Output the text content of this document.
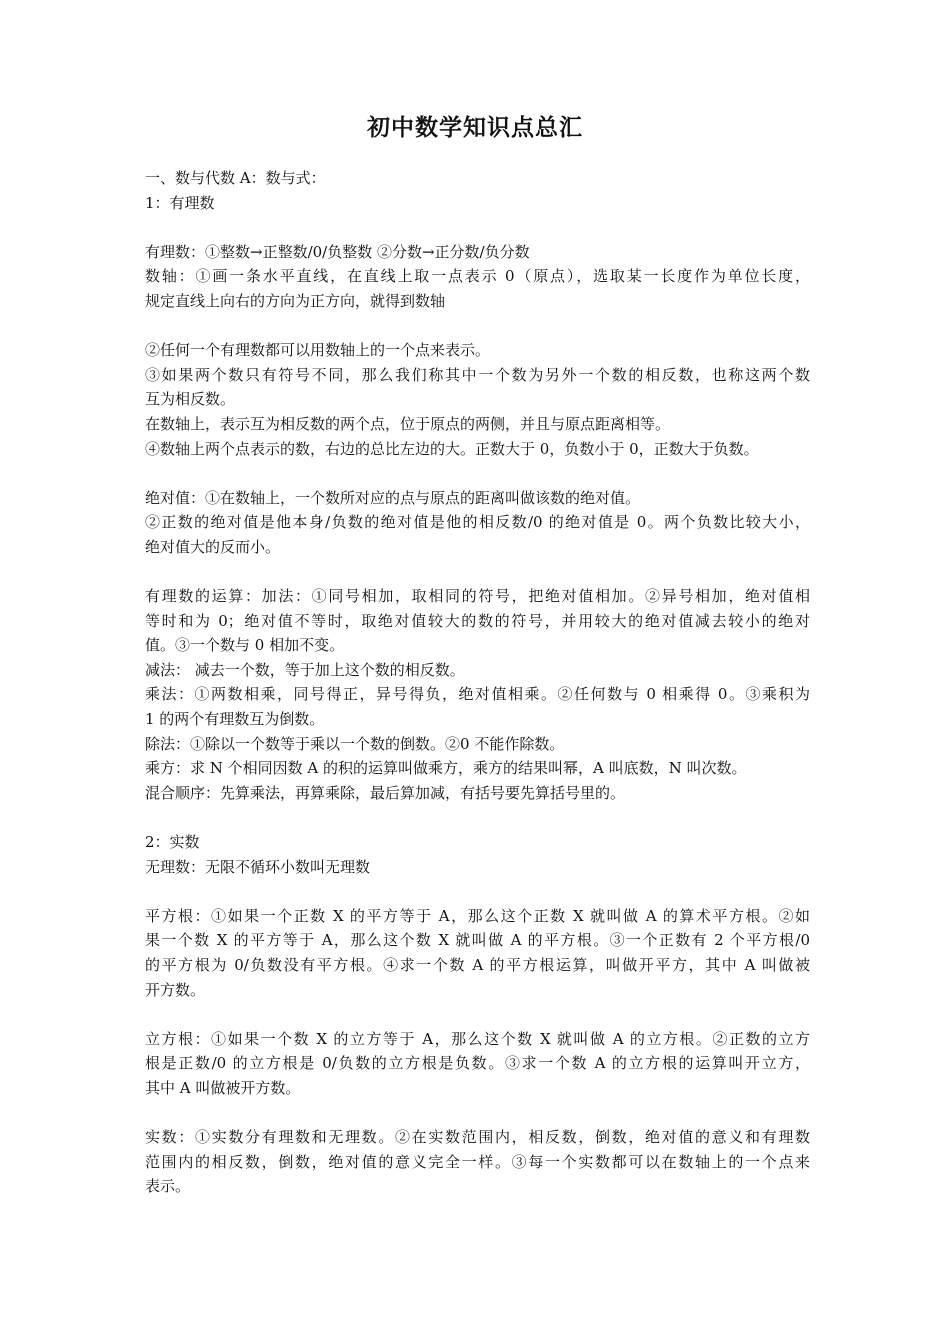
初中数学知识点总汇
一、数与代数 A：数与式：
1：有理数
有理数：①整数→正整数/0/负整数 ②分数→正分数/负分数
数轴：①画一条水平直线，在直线上取一点表示 0（原点），选取某一长度作为单位长度，
规定直线上向右的方向为正方向，就得到数轴
②任何一个有理数都可以用数轴上的一个点来表示。
③如果两个数只有符号不同，那么我们称其中一个数为另外一个数的相反数，也称这两个数
互为相反数。
在数轴上，表示互为相反数的两个点，位于原点的两侧，并且与原点距离相等。
④数轴上两个点表示的数，右边的总比左边的大。正数大于 0，负数小于 0，正数大于负数。
绝对值：①在数轴上，一个数所对应的点与原点的距离叫做该数的绝对值。
②正数的绝对值是他本身/负数的绝对值是他的相反数/0 的绝对值是 0。两个负数比较大小，
绝对值大的反而小。
有理数的运算：加法：①同号相加，取相同的符号，把绝对值相加。②异号相加，绝对值相
等时和为 0；绝对值不等时，取绝对值较大的数的符号，并用较大的绝对值减去较小的绝对
值。③一个数与 0 相加不变。
减法： 减去一个数，等于加上这个数的相反数。
乘法：①两数相乘，同号得正，异号得负，绝对值相乘。②任何数与 0 相乘得 0。③乘积为
1 的两个有理数互为倒数。
除法：①除以一个数等于乘以一个数的倒数。②0 不能作除数。
乘方：求 N 个相同因数 A 的积的运算叫做乘方，乘方的结果叫幂，A 叫底数，N 叫次数。
混合顺序：先算乘法，再算乘除，最后算加减，有括号要先算括号里的。
2：实数
无理数：无限不循环小数叫无理数
平方根：①如果一个正数 X 的平方等于 A，那么这个正数 X 就叫做 A 的算术平方根。②如
果一个数 X 的平方等于 A，那么这个数 X 就叫做 A 的平方根。③一个正数有 2 个平方根/0
的平方根为 0/负数没有平方根。④求一个数 A 的平方根运算，叫做开平方，其中 A 叫做被
开方数。
立方根：①如果一个数 X 的立方等于 A，那么这个数 X 就叫做 A 的立方根。②正数的立方
根是正数/0 的立方根是 0/负数的立方根是负数。③求一个数 A 的立方根的运算叫开立方，
其中 A 叫做被开方数。
实数：①实数分有理数和无理数。②在实数范围内，相反数，倒数，绝对值的意义和有理数
范围内的相反数，倒数，绝对值的意义完全一样。③每一个实数都可以在数轴上的一个点来
表示。
